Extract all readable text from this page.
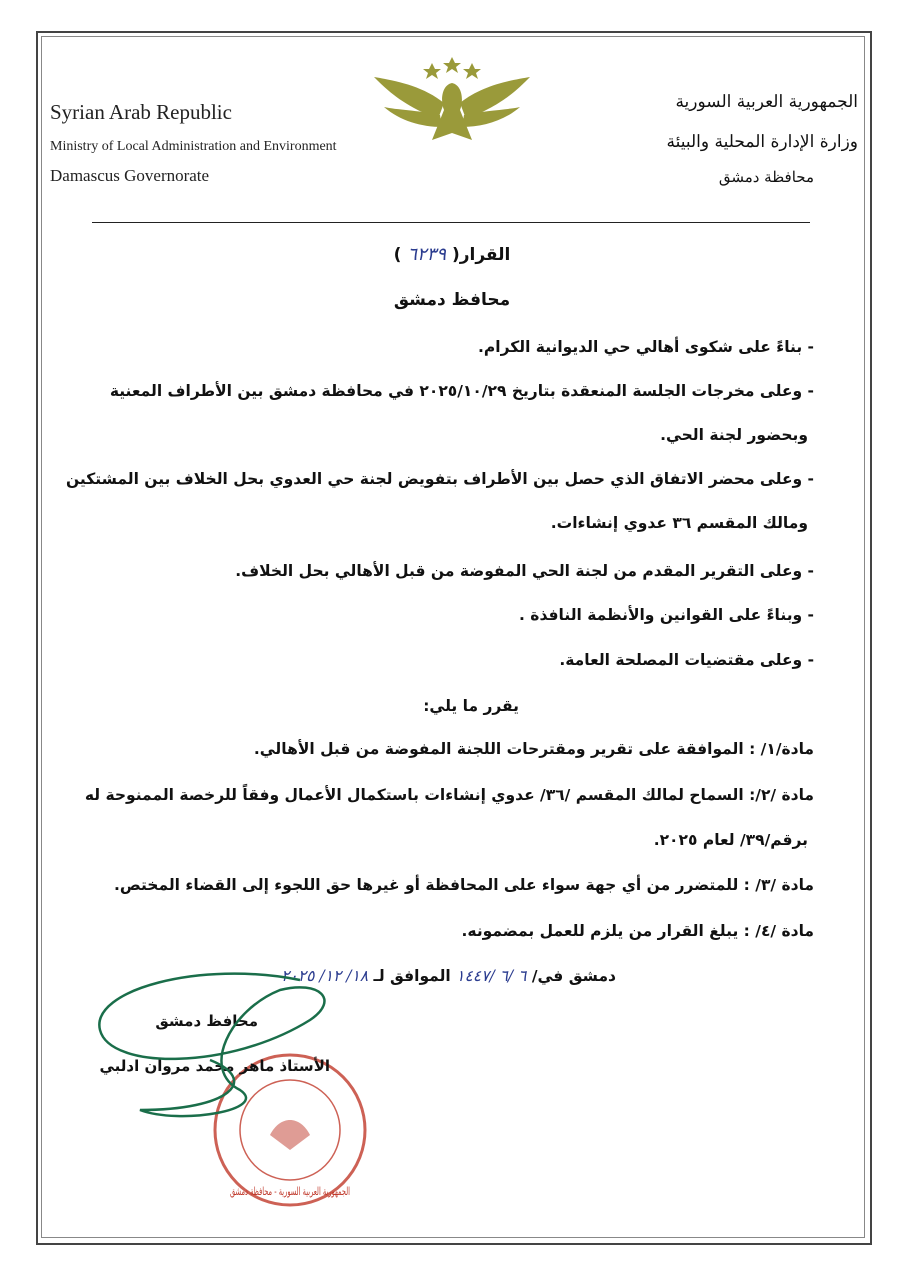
Syrian Arab Republic
Ministry of Local Administration and Environment
Damascus Governorate
الجمهورية العربية السورية
وزارة الإدارة المحلية والبيئة
محافظة دمشق
القرار( ٦٢٣٩ )
محافظ دمشق
- بناءً على شكوى أهالي حي الديوانية الكرام.
- وعلى مخرجات الجلسة المنعقدة بتاريخ ٢٠٢٥/١٠/٢٩ في محافظة دمشق بين الأطراف المعنية
وبحضور لجنة الحي.
- وعلى محضر الاتفاق الذي حصل بين الأطراف بتفويض لجنة حي العدوي بحل الخلاف بين المشتكين
ومالك المقسم ٣٦ عدوي إنشاءات.
- وعلى التقرير المقدم من لجنة الحي المفوضة من قبل الأهالي بحل الخلاف.
- وبناءً على القوانين والأنظمة النافذة .
- وعلى مقتضيات المصلحة العامة.
يقرر ما يلي:
مادة/١/ : الموافقة على تقرير ومقترحات اللجنة المفوضة من قبل الأهالي.
مادة /٢/: السماح لمالك المقسم /٣٦/ عدوي إنشاءات باستكمال الأعمال وفقاً للرخصة الممنوحة له
برقم/٣٩/ لعام ٢٠٢٥.
مادة /٣/ : للمتضرر من أي جهة سواء على المحافظة أو غيرها حق اللجوء إلى القضاء المختص.
مادة /٤/ : يبلغ القرار من يلزم للعمل بمضمونه.
دمشق في/ ٦ /٦ /١٤٤٧ الموافق لـ ١٨/ ١٢/ ٢٠٢٥
الجمهورية العربية السورية - محافظة دمشق
محافظ دمشق
الأستاذ ماهر محمد مروان ادلبي
